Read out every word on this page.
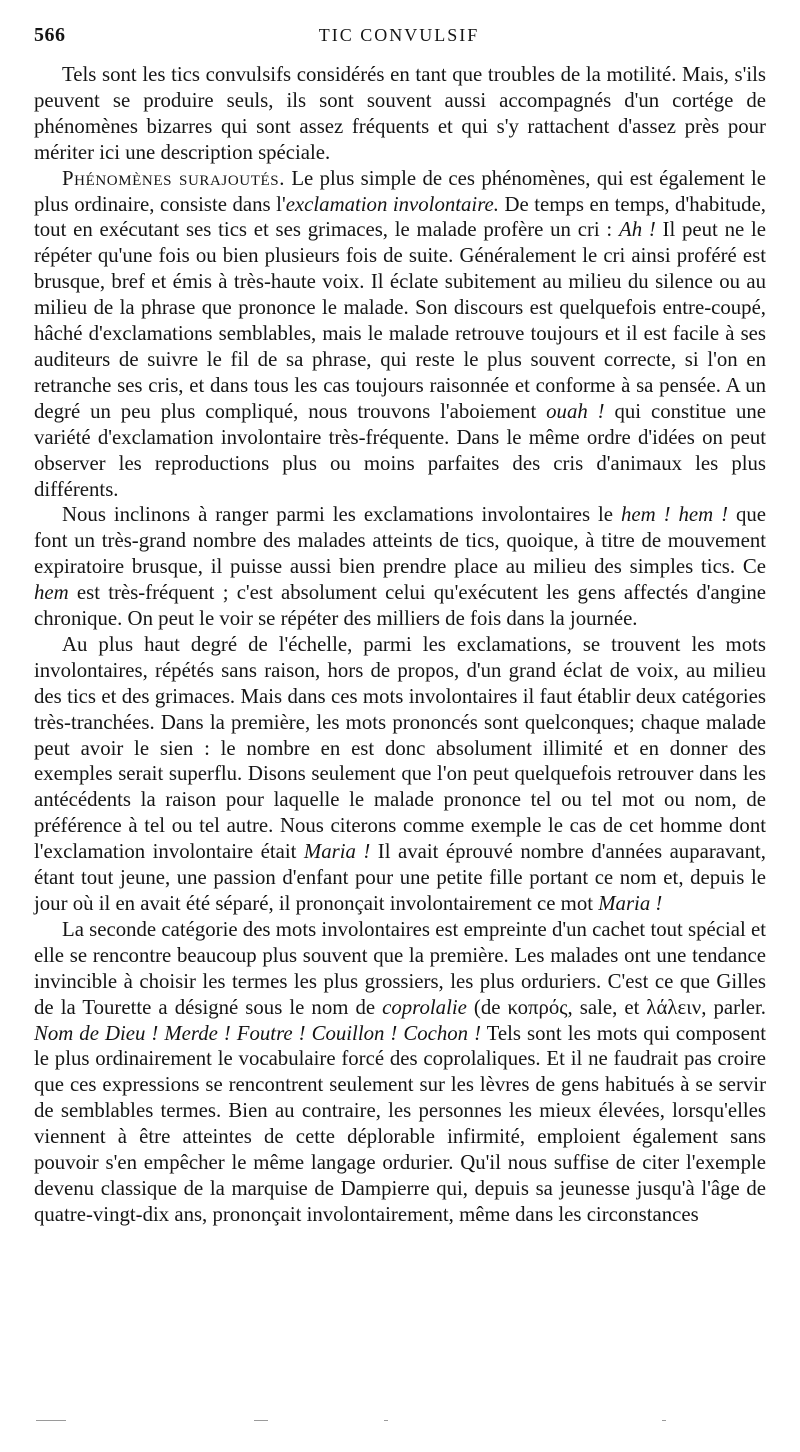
566	TIC CONVULSIF

Tels sont les tics convulsifs considérés en tant que troubles de la motilité. Mais, s'ils peuvent se produire seuls, ils sont souvent aussi accompagnés d'un cortége de phénomènes bizarres qui sont assez fréquents et qui s'y rattachent d'assez près pour mériter ici une description spéciale.

Phénomènes surajoutés. Le plus simple de ces phénomènes, qui est également le plus ordinaire, consiste dans l'exclamation involontaire. De temps en temps, d'habitude, tout en exécutant ses tics et ses grimaces, le malade profère un cri : Ah ! Il peut ne le répéter qu'une fois ou bien plusieurs fois de suite. Généralement le cri ainsi proféré est brusque, bref et émis à très-haute voix. Il éclate subitement au milieu du silence ou au milieu de la phrase que prononce le malade. Son discours est quelquefois entre-coupé, hâché d'exclamations semblables, mais le malade retrouve toujours et il est facile à ses auditeurs de suivre le fil de sa phrase, qui reste le plus souvent correcte, si l'on en retranche ses cris, et dans tous les cas toujours raisonnée et conforme à sa pensée. A un degré un peu plus compliqué, nous trouvons l'aboiement ouah ! qui constitue une variété d'exclamation involontaire très-fréquente. Dans le même ordre d'idées on peut observer les reproductions plus ou moins parfaites des cris d'animaux les plus différents.

Nous inclinons à ranger parmi les exclamations involontaires le hem ! hem ! que font un très-grand nombre des malades atteints de tics, quoique, à titre de mouvement expiratoire brusque, il puisse aussi bien prendre place au milieu des simples tics. Ce hem est très-fréquent ; c'est absolument celui qu'exécutent les gens affectés d'angine chronique. On peut le voir se répéter des milliers de fois dans la journée.

Au plus haut degré de l'échelle, parmi les exclamations, se trouvent les mots involontaires, répétés sans raison, hors de propos, d'un grand éclat de voix, au milieu des tics et des grimaces. Mais dans ces mots involontaires il faut établir deux catégories très-tranchées. Dans la première, les mots prononcés sont quelconques; chaque malade peut avoir le sien : le nombre en est donc absolument illimité et en donner des exemples serait superflu. Disons seulement que l'on peut quelquefois retrouver dans les antécédents la raison pour laquelle le malade prononce tel ou tel mot ou nom, de préférence à tel ou tel autre. Nous citerons comme exemple le cas de cet homme dont l'exclamation involontaire était Maria ! Il avait éprouvé nombre d'années auparavant, étant tout jeune, une passion d'enfant pour une petite fille portant ce nom et, depuis le jour où il en avait été séparé, il prononçait involontairement ce mot Maria !

La seconde catégorie des mots involontaires est empreinte d'un cachet tout spécial et elle se rencontre beaucoup plus souvent que la première. Les malades ont une tendance invincible à choisir les termes les plus grossiers, les plus orduriers. C'est ce que Gilles de la Tourette a désigné sous le nom de coprolalie (de κοπρός, sale, et λάλειν, parler. Nom de Dieu ! Merde ! Foutre ! Couillon ! Cochon ! Tels sont les mots qui composent le plus ordinairement le vocabulaire forcé des coprolaliques. Et il ne faudrait pas croire que ces expressions se rencontrent seulement sur les lèvres de gens habitués à se servir de semblables termes. Bien au contraire, les personnes les mieux élevées, lorsqu'elles viennent à être atteintes de cette déplorable infirmité, emploient également sans pouvoir s'en empêcher le même langage ordurier. Qu'il nous suffise de citer l'exemple devenu classique de la marquise de Dampierre qui, depuis sa jeunesse jusqu'à l'âge de quatre-vingt-dix ans, prononçait involontairement, même dans les circonstances
